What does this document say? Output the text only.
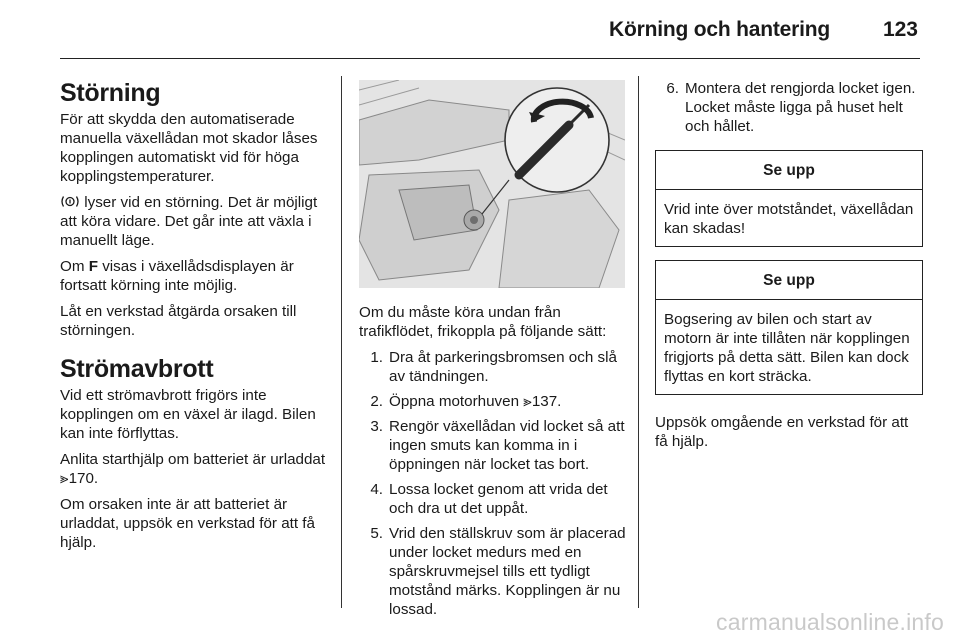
Körning och hantering	123
Störning

För att skydda den automatiserade manuella växellådan mot skador låses kopplingen automatiskt vid för höga kopplingstemperaturer.

lyser vid en störning. Det är möjligt att köra vidare. Det går inte att växla i manuellt läge.

Om F visas i växellådsdisplayen är fortsatt körning inte möjlig.

Låt en verkstad åtgärda orsaken till störningen.

Strömavbrott

Vid ett strömavbrott frigörs inte kopplingen om en växel är ilagd. Bilen kan inte förflyttas.

Anlita starthjälp om batteriet är urladdat ⪢170.

Om orsaken inte är att batteriet är urladdat, uppsök en verkstad för att få hjälp.

Om du måste köra undan från trafikflödet, frikoppla på följande sätt:

1. Dra åt parkeringsbromsen och slå av tändningen.
2. Öppna motorhuven ⪢137.
3. Rengör växellådan vid locket så att ingen smuts kan komma in i öppningen när locket tas bort.
4. Lossa locket genom att vrida det och dra ut det uppåt.
5. Vrid den ställskruv som är placerad under locket medurs med en spårskruvmejsel tills ett tydligt motstånd märks. Kopplingen är nu lossad.
6. Montera det rengjorda locket igen. Locket måste ligga på huset helt och hållet.
Se upp
Vrid inte över motståndet, växellådan kan skadas!
Se upp
Bogsering av bilen och start av motorn är inte tillåten när kopplingen frigjorts på detta sätt. Bilen kan dock flyttas en kort sträcka.

Uppsök omgående en verkstad för att få hjälp.

carmanualsonline.info
